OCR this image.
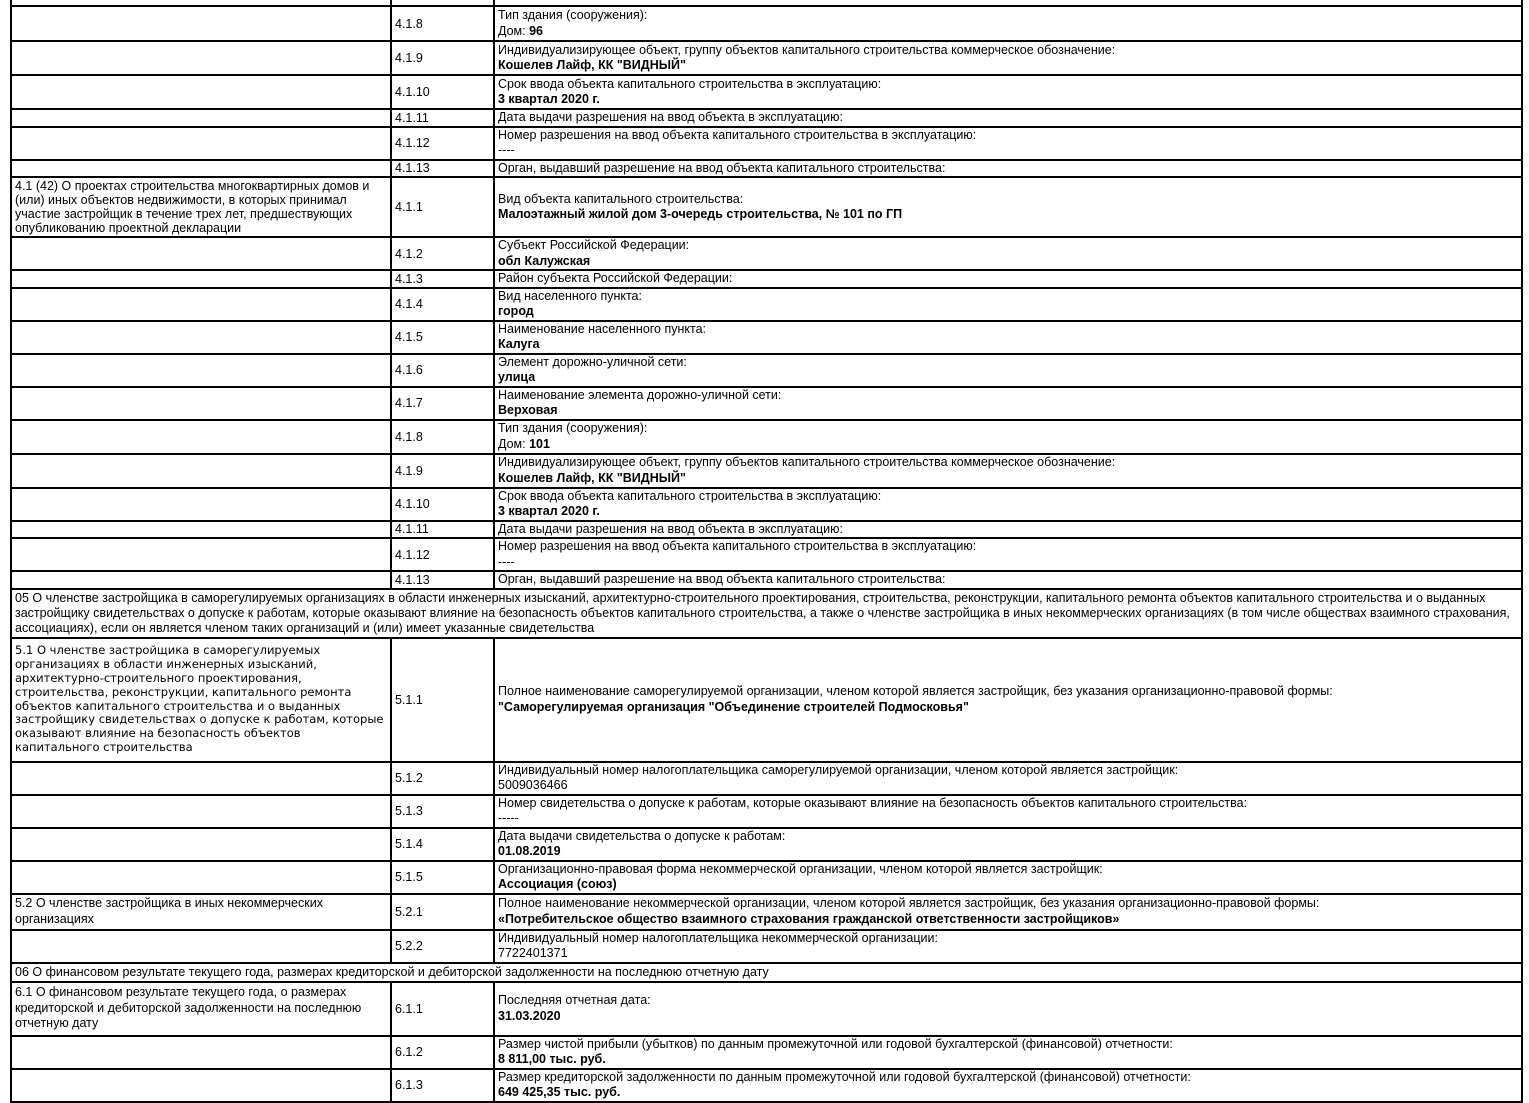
	4.1.8	Тип здания (сооружения):
Дом: 96

	4.1.9	Индивидуализирующее объект, группу объектов капитального строительства коммерческое обозначение:
Кошелев Лайф, КК "ВИДНЫЙ"

	4.1.10	Срок ввода объекта капитального строительства в эксплуатацию:
3 квартал 2020 г.

	4.1.11	Дата выдачи разрешения на ввод объекта в эксплуатацию:

	4.1.12	Номер разрешения на ввод объекта капитального строительства в эксплуатацию:
----

	4.1.13	Орган, выдавший разрешение на ввод объекта капитального строительства:

4.1 (42) О проектах строительства многоквартирных домов и (или) иных объектов недвижимости, в которых принимал участие застройщик в течение трех лет, предшествующих опубликованию проектной декларации	4.1.1	Вид объекта капитального строительства:
Малоэтажный жилой дом 3-очередь строительства, № 101 по ГП

	4.1.2	Субъект Российской Федерации:
обл Калужская

	4.1.3	Район субъекта Российской Федерации:

	4.1.4	Вид населенного пункта:
город

	4.1.5	Наименование населенного пункта:
Калуга

	4.1.6	Элемент дорожно-уличной сети:
улица

	4.1.7	Наименование элемента дорожно-уличной сети:
Верховая

	4.1.8	Тип здания (сооружения):
Дом: 101

	4.1.9	Индивидуализирующее объект, группу объектов капитального строительства коммерческое обозначение:
Кошелев Лайф, КК "ВИДНЫЙ"

	4.1.10	Срок ввода объекта капитального строительства в эксплуатацию:
3 квартал 2020 г.

	4.1.11	Дата выдачи разрешения на ввод объекта в эксплуатацию:

	4.1.12	Номер разрешения на ввод объекта капитального строительства в эксплуатацию:
----

	4.1.13	Орган, выдавший разрешение на ввод объекта капитального строительства:

05 О членстве застройщика в саморегулируемых организациях в области инженерных изысканий, архитектурно-строительного проектирования, строительства, реконструкции, капитального ремонта объектов капитального строительства и о выданных застройщику свидетельствах о допуске к работам, которые оказывают влияние на безопасность объектов капитального строительства, а также о членстве застройщика в иных некоммерческих организациях (в том числе обществах взаимного страхования, ассоциациях), если он является членом таких организаций и (или) имеет указанные свидетельства		

5.1 О членстве застройщика в саморегулируемых организациях в области инженерных изысканий, архитектурно-строительного проектирования, строительства, реконструкции, капитального ремонта объектов капитального строительства и о выданных застройщику свидетельствах о допуске к работам, которые оказывают влияние на безопасность объектов капитального строительства	5.1.1	Полное наименование саморегулируемой организации, членом которой является застройщик, без указания организационно-правовой формы:
"Саморегулируемая организация "Объединение строителей Подмосковья"

	5.1.2	Индивидуальный номер налогоплательщика саморегулируемой организации, членом которой является застройщик:
5009036466

	5.1.3	Номер свидетельства о допуске к работам, которые оказывают влияние на безопасность объектов капитального строительства:
-----

	5.1.4	Дата выдачи свидетельства о допуске к работам:
01.08.2019

	5.1.5	Организационно-правовая форма некоммерческой организации, членом которой является застройщик:
Ассоциация (союз)

5.2 О членстве застройщика в иных некоммерческих организациях	5.2.1	Полное наименование некоммерческой организации, членом которой является застройщик, без указания организационно-правовой формы:
«Потребительское общество взаимного страхования гражданской ответственности застройщиков»

	5.2.2	Индивидуальный номер налогоплательщика некоммерческой организации:
7722401371

06 О финансовом результате текущего года, размерах кредиторской и дебиторской задолженности на последнюю отчетную дату		

6.1 О финансовом результате текущего года, о размерах кредиторской и дебиторской задолженности на последнюю отчетную дату	6.1.1	Последняя отчетная дата:
31.03.2020

	6.1.2	Размер чистой прибыли (убытков) по данным промежуточной или годовой бухгалтерской (финансовой) отчетности:
8 811,00 тыс. руб.

	6.1.3	Размер кредиторской задолженности по данным промежуточной или годовой бухгалтерской (финансовой) отчетности:
649 425,35 тыс. руб.
